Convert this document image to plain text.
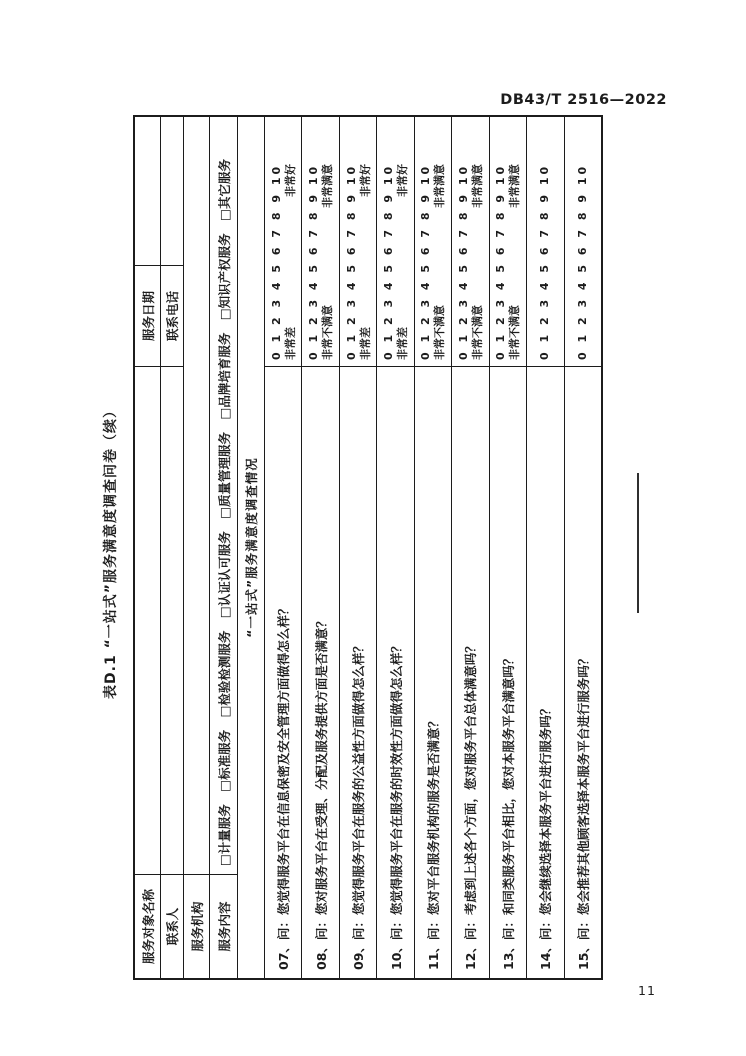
DB43/T 2516—2022
表D.1 “一站式”服务满意度调查问卷（续）
服务对象名称
服务日期
联系人
联系电话
服务机构 服务内容
□计量服务　□标准服务　□检验检测服务　□认证认可服务　□质量管理服务　□品牌培育服务　□知识产权服务　□其它服务	“一站式”服务满意度调查情况
07、
问：您觉得服务平台在信息保密及安全管理方面做得怎么样？
0 1 2 3 4 5 6 7 8 9 10 非常差
非常好
08、
问：您对服务平台在受理、分配及服务提供方面是否满意？
0 1 2 3 4 5 6 7 8 9 10 非常不满意
非常满意
09、
问：您觉得服务平台在服务的公益性方面做得怎么样？
0 1 2 3 4 5 6 7 8 9 10 非常差
非常好
10、
问：您觉得服务平台在服务的时效性方面做得怎么样？
0 1 2 3 4 5 6 7 8 9 10 非常差
非常好
11、
问：您对平台服务机构的服务是否满意？
0 1 2 3 4 5 6 7 8 9 10 非常不满意
非常满意
12、
问：考虑到上述各个方面，您对服务平台总体满意吗？
0 1 2 3 4 5 6 7 8 9 10 非常不满意
非常满意
13、
问：和同类服务平台相比，您对本服务平台满意吗？
0 1 2 3 4 5 6 7 8 9 10 非常不满意
非常满意
14、
问：您会继续选择本服务平台进行服务吗？
0 1 2 3 4 5 6 7 8 9 10
15、
问：您会推荐其他顾客选择本服务平台进行服务吗？
0 1 2 3 4 5 6 7 8 9 10
11
